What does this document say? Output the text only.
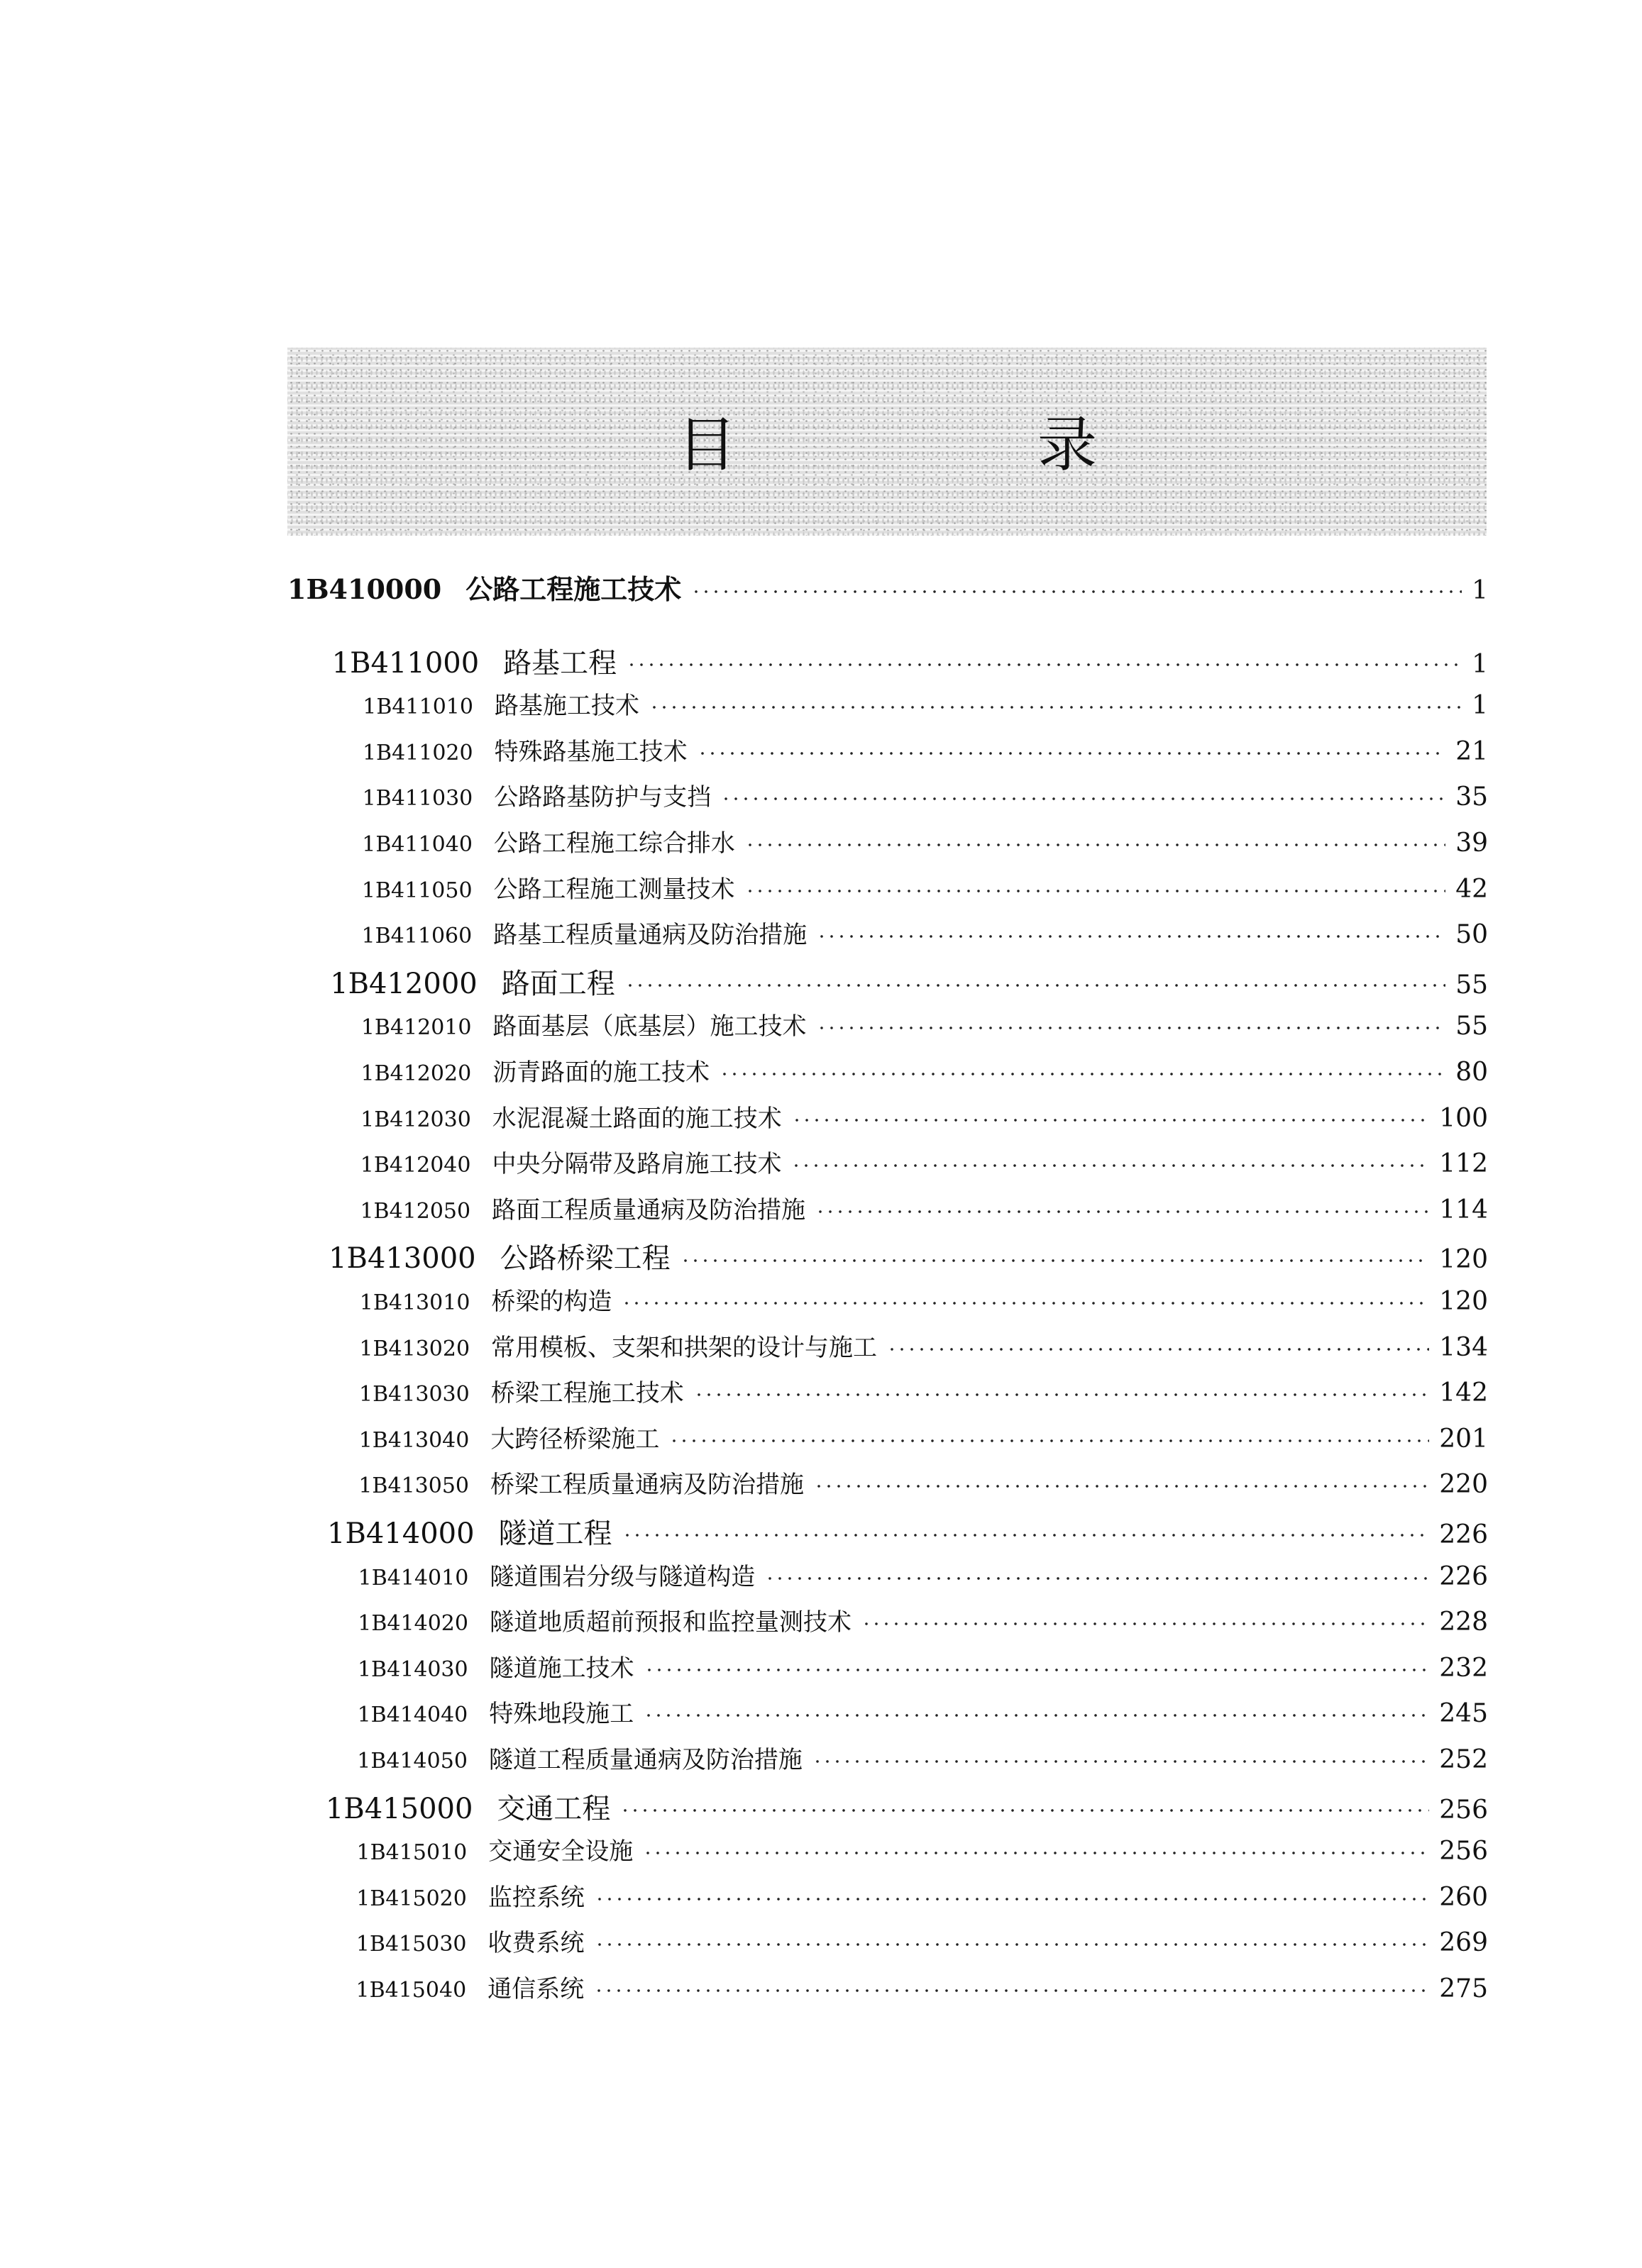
目　录
1B410000 公路工程施工技术	1
1B411000 路基工程	1
1B411010 路基施工技术	1
1B411020 特殊路基施工技术	21
1B411030 公路路基防护与支挡	35
1B411040 公路工程施工综合排水	39
1B411050 公路工程施工测量技术	42
1B411060 路基工程质量通病及防治措施	50
1B412000 路面工程	55
1B412010 路面基层（底基层）施工技术	55
1B412020 沥青路面的施工技术	80
1B412030 水泥混凝土路面的施工技术	100
1B412040 中央分隔带及路肩施工技术	112
1B412050 路面工程质量通病及防治措施	114
1B413000 公路桥梁工程	120
1B413010 桥梁的构造	120
1B413020 常用模板、支架和拱架的设计与施工	134
1B413030 桥梁工程施工技术	142
1B413040 大跨径桥梁施工	201
1B413050 桥梁工程质量通病及防治措施	220
1B414000 隧道工程	226
1B414010 隧道围岩分级与隧道构造	226
1B414020 隧道地质超前预报和监控量测技术	228
1B414030 隧道施工技术	232
1B414040 特殊地段施工	245
1B414050 隧道工程质量通病及防治措施	252
1B415000 交通工程	256
1B415010 交通安全设施	256
1B415020 监控系统	260
1B415030 收费系统	269
1B415040 通信系统	275
